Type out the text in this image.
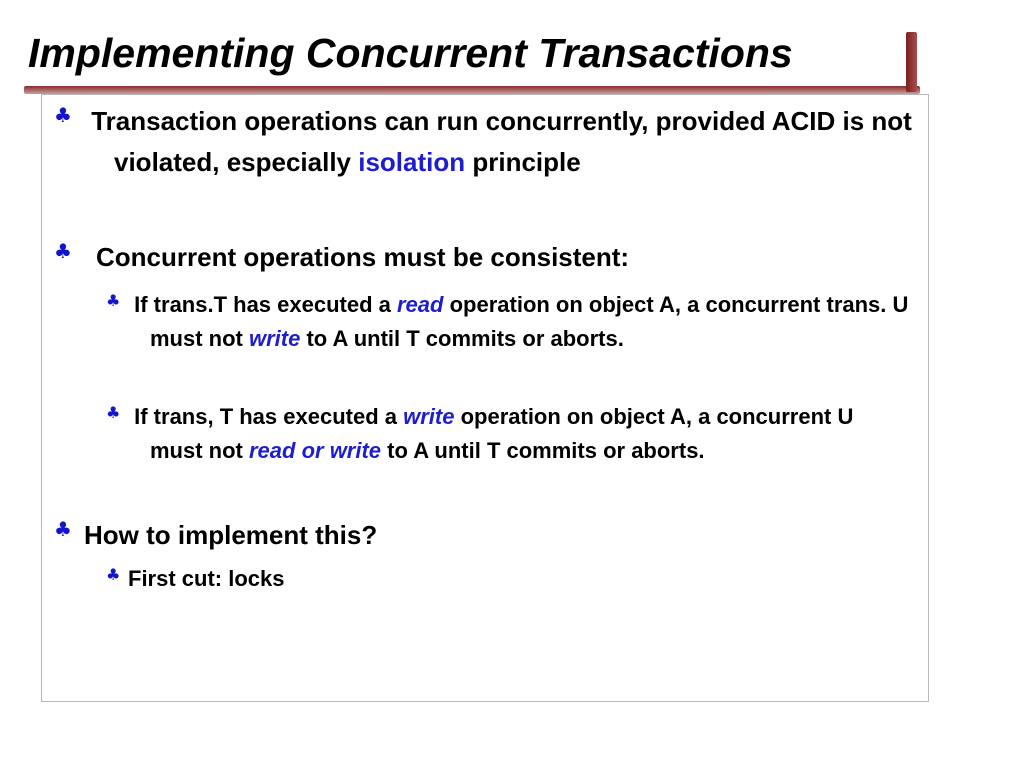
Implementing Concurrent Transactions
♣ Transaction operations can run concurrently, provided ACID is not violated, especially isolation principle
♣ Concurrent operations must be consistent:
♣ If trans.T has executed a read operation on object A, a concurrent trans. U must not write to A until T commits or aborts.
♣ If trans, T has executed a write operation on object A, a concurrent U must not read or write to A until T commits or aborts.
♣ How to implement this?
♣ First cut: locks
